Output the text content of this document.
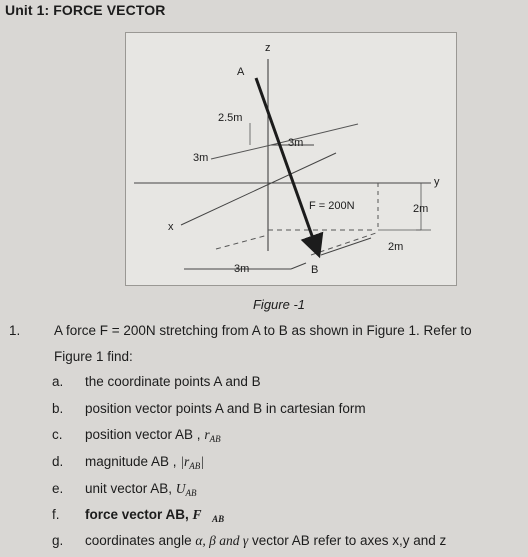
Unit 1: FORCE VECTOR
z
A
2.5m
3m
3m
y
F = 200N	2m
x
2m
3m	B
Figure -1
1. A force F = 200N stretching from A to B as shown in Figure 1. Refer to
Figure 1 find:
a. the coordinate points A and B
b. position vector points A and B in cartesian form
c. position vector AB , $r_{AB}$
d. magnitude AB , $|r_{AB}|$
e. unit vector AB, $U_{AB}$
f. force vector AB, $F⃗_{AB}$
g. coordinates angle α, β and γ vector AB refer to axes x,y and z
